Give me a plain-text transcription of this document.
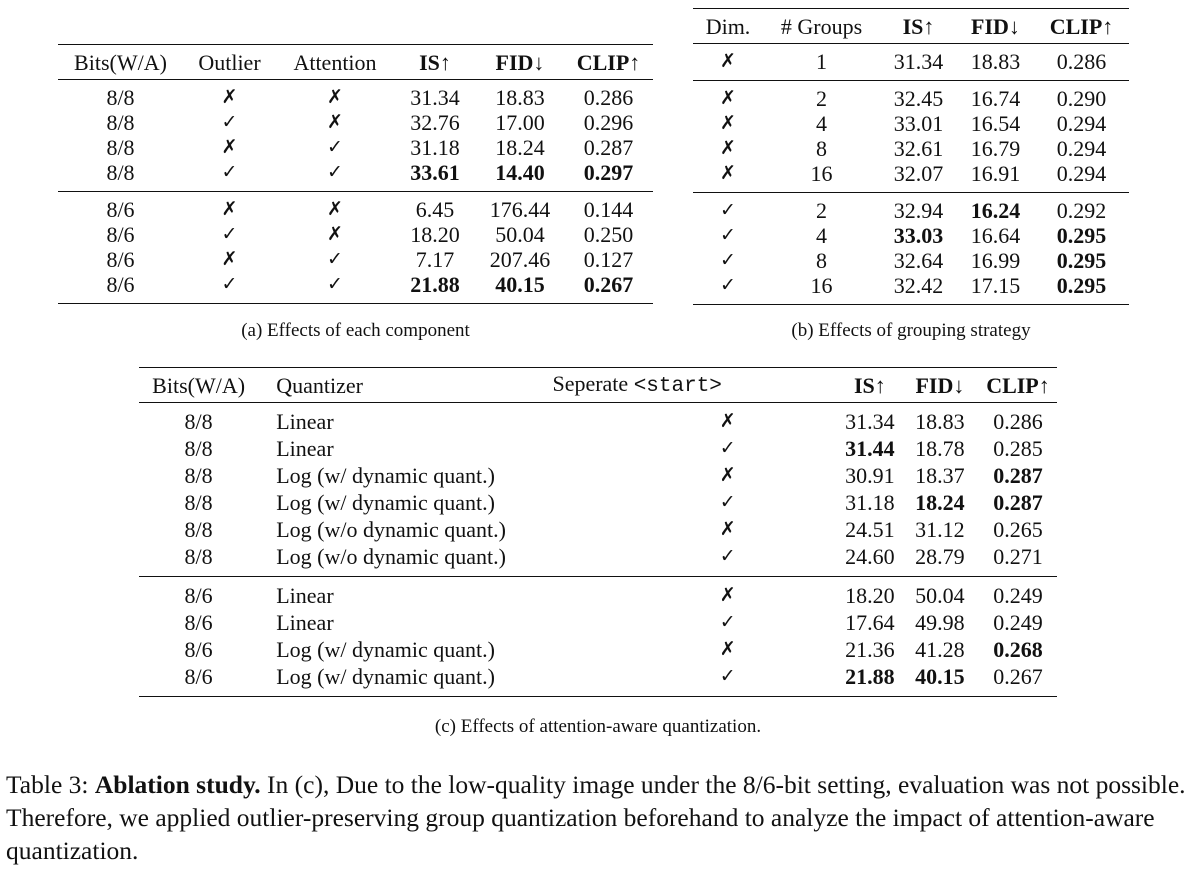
Bits(W/A)	Outlier	Attention	IS↑	FID↓	CLIP↑
8/8	✗	✗	31.34	18.83	0.286
8/8	✓	✗	32.76	17.00	0.296
8/8	✗	✓	31.18	18.24	0.287
8/8	✓	✓	33.61	14.40	0.297
8/6	✗	✗	6.45	176.44	0.144
8/6	✓	✗	18.20	50.04	0.250
8/6	✗	✓	7.17	207.46	0.127
8/6	✓	✓	21.88	40.15	0.267
(a) Effects of each component
Dim.	# Groups	IS↑	FID↓	CLIP↑
✗	1	31.34	18.83	0.286
✗	2	32.45	16.74	0.290
✗	4	33.01	16.54	0.294
✗	8	32.61	16.79	0.294
✗	16	32.07	16.91	0.294
✓	2	32.94	16.24	0.292
✓	4	33.03	16.64	0.295
✓	8	32.64	16.99	0.295
✓	16	32.42	17.15	0.295
(b) Effects of grouping strategy
Bits(W/A)	Quantizer	Seperate <start>	IS↑	FID↓	CLIP↑
8/8	Linear	✗	31.34	18.83	0.286
8/8	Linear	✓	31.44	18.78	0.285
8/8	Log (w/ dynamic quant.)	✗	30.91	18.37	0.287
8/8	Log (w/ dynamic quant.)	✓	31.18	18.24	0.287
8/8	Log (w/o dynamic quant.)	✗	24.51	31.12	0.265
8/8	Log (w/o dynamic quant.)	✓	24.60	28.79	0.271
8/6	Linear	✗	18.20	50.04	0.249
8/6	Linear	✓	17.64	49.98	0.249
8/6	Log (w/ dynamic quant.)	✗	21.36	41.28	0.268
8/6	Log (w/ dynamic quant.)	✓	21.88	40.15	0.267
(c) Effects of attention-aware quantization.
Table 3: Ablation study. In (c), Due to the low-quality image under the 8/6-bit setting, evaluation was not possible. Therefore, we applied outlier-preserving group quantization beforehand to analyze the impact of attention-aware quantization.
